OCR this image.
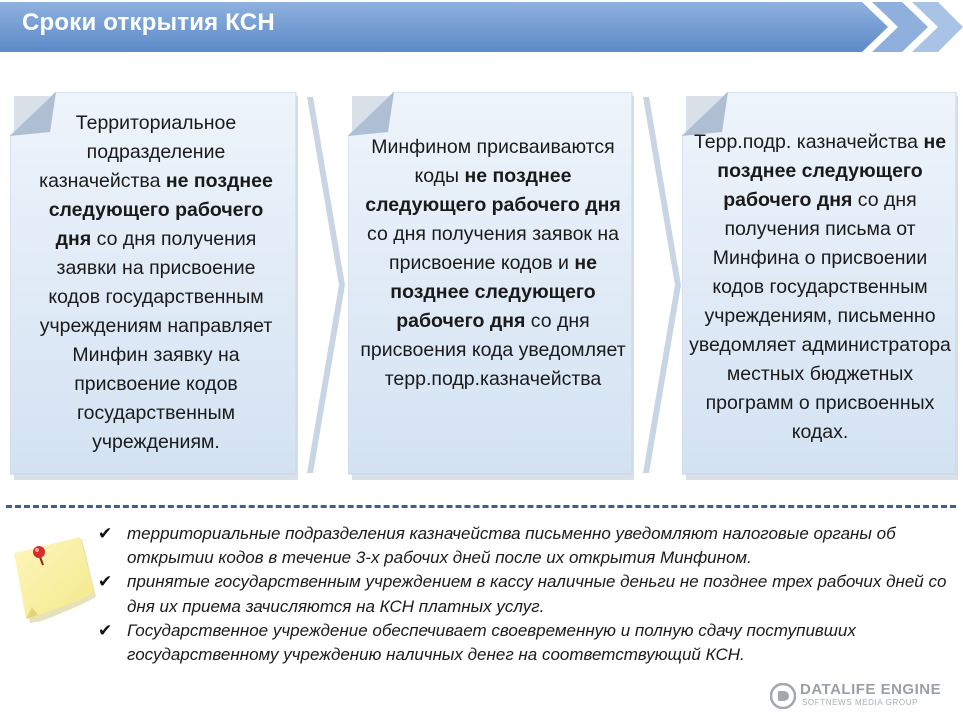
Сроки открытия КСН
Территориальное подразделение казначейства не позднее следующего рабочего дня со дня получения заявки на присвоение кодов государственным учреждениям направляет Минфин заявку на присвоение кодов государственным учреждениям.
Минфином присваиваются коды не позднее следующего рабочего дня со дня получения заявок на присвоение кодов и не позднее следующего рабочего дня со дня присвоения кода уведомляет терр.подр.казначейства
Терр.подр. казначейства не позднее следующего рабочего дня со дня получения письма от Минфина о присвоении кодов государственным учреждениям, письменно уведомляет администратора местных бюджетных программ о присвоенных кодах.
✔ территориальные подразделения казначейства письменно уведомляют налоговые органы об открытии кодов в течение 3-х рабочих дней после их открытия Минфином.
✔ принятые государственным учреждением в кассу наличные деньги не позднее трех рабочих дней со дня их приема зачисляются на КСН платных услуг.
✔ Государственное учреждение обеспечивает своевременную и полную сдачу поступивших государственному учреждению наличных денег на соответствующий КСН.
DATALIFE ENGINE
SOFTNEWS MEDIA GROUP
